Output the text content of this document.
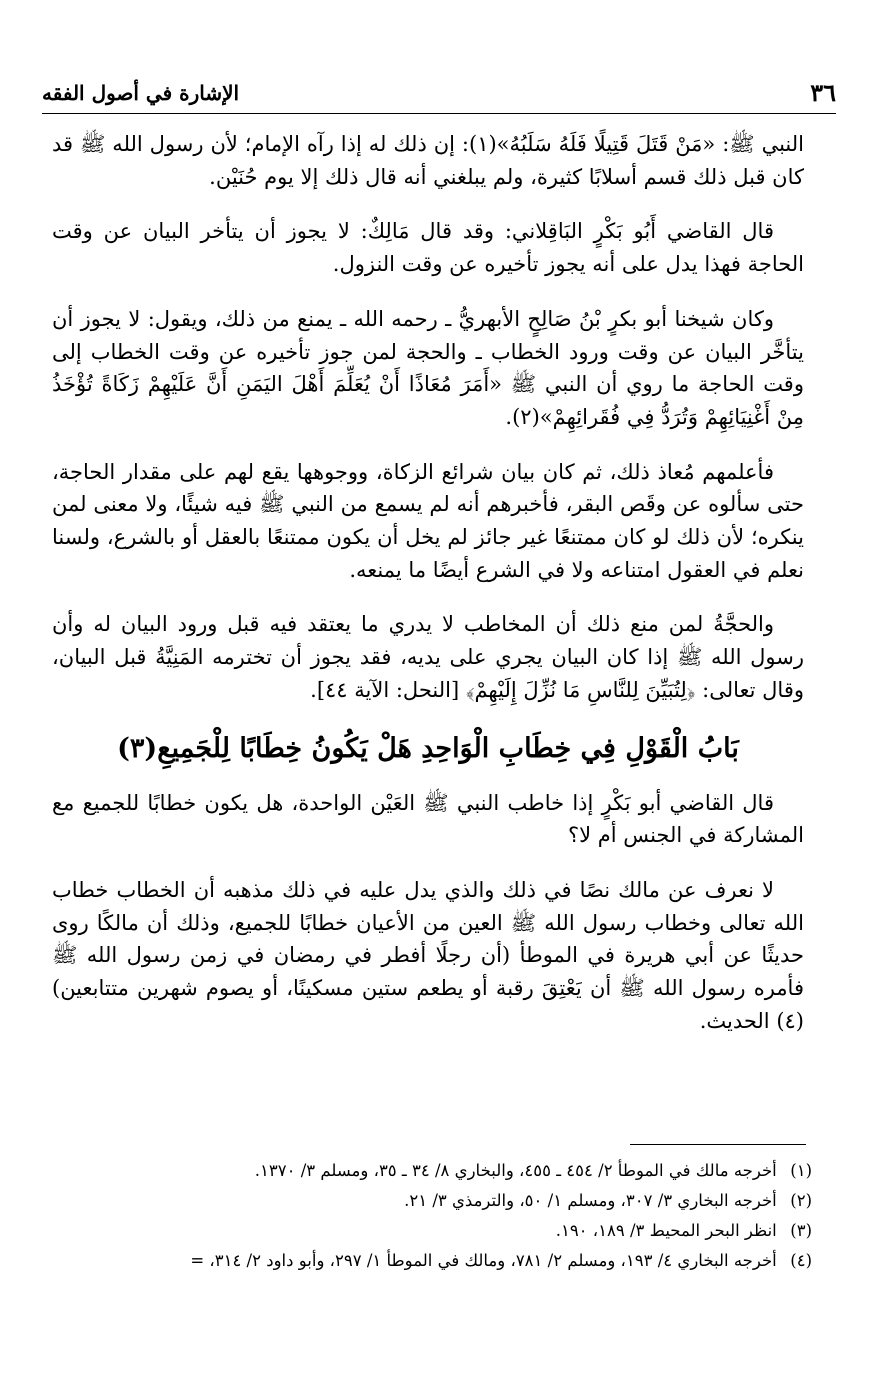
٣٦
الإشارة في أصول الفقه

النبي ﷺ: «مَنْ قَتَلَ قَتِيلًا فَلَهُ سَلَبُهُ»(١): إن ذلك له إذا رآه الإمام؛ لأن رسول الله ﷺ قد كان قبل ذلك قسم أسلابًا كثيرة، ولم يبلغني أنه قال ذلك إلا يوم حُنَيْن.

قال القاضي أَبُو بَكْرٍ البَاقِلاني: وقد قال مَالِكٌ: لا يجوز أن يتأخر البيان عن وقت الحاجة فهذا يدل على أنه يجوز تأخيره عن وقت النزول.

وكان شيخنا أبو بكرٍ بْنُ صَالِحٍ الأبهريُّ ـ رحمه الله ـ يمنع من ذلك، ويقول: لا يجوز أن يتأخَّر البيان عن وقت ورود الخطاب ـ والحجة لمن جوز تأخيره عن وقت الخطاب إلى وقت الحاجة ما روي أن النبي ﷺ «أَمَرَ مُعَاذًا أَنْ يُعَلِّمَ أَهْلَ اليَمَنِ أَنَّ عَلَيْهِمْ زَكَاةً تُؤْخَذُ مِنْ أَغْنِيَائِهِمْ وَتُرَدُّ فِي فُقَرائِهِمْ»(٢).

فأعلمهم مُعاذ ذلك، ثم كان بيان شرائع الزكاة، ووجوهها يقع لهم على مقدار الحاجة، حتى سألوه عن وقَص البقر، فأخبرهم أنه لم يسمع من النبي ﷺ فيه شيئًا، ولا معنى لمن ينكره؛ لأن ذلك لو كان ممتنعًا غير جائز لم يخل أن يكون ممتنعًا بالعقل أو بالشرع، ولسنا نعلم في العقول امتناعه ولا في الشرع أيضًا ما يمنعه.

والحجَّةُ لمن منع ذلك أن المخاطب لا يدري ما يعتقد فيه قبل ورود البيان له وأن رسول الله ﷺ إذا كان البيان يجري على يديه، فقد يجوز أن تخترمه المَنِيَّةُ قبل البيان، وقال تعالى: ﴿لِتُبَيِّنَ لِلنَّاسِ مَا نُزِّلَ إِلَيْهِمْ﴾ [النحل: الآية ٤٤].

بَابُ الْقَوْلِ فِي خِطَابِ الْوَاحِدِ هَلْ يَكُونُ خِطَابًا لِلْجَمِيعِ(٣)

قال القاضي أبو بَكْرٍ إذا خاطب النبي ﷺ العَيْن الواحدة، هل يكون خطابًا للجميع مع المشاركة في الجنس أم لا؟

لا نعرف عن مالك نصًا في ذلك والذي يدل عليه في ذلك مذهبه أن الخطاب خطاب الله تعالى وخطاب رسول الله ﷺ العين من الأعيان خطابًا للجميع، وذلك أن مالكًا روى حديثًا عن أبي هريرة في الموطأ (أن رجلًا أفطر في رمضان في زمن رسول الله ﷺ فأمره رسول الله ﷺ أن يَعْتِقَ رقبة أو يطعم ستين مسكينًا، أو يصوم شهرين متتابعين)(٤) الحديث.

(١) أخرجه مالك في الموطأ ٢/ ٤٥٤ ـ ٤٥٥، والبخاري ٨/ ٣٤ ـ ٣٥، ومسلم ٣/ ١٣٧٠.
(٢) أخرجه البخاري ٣/ ٣٠٧، ومسلم ١/ ٥٠، والترمذي ٣/ ٢١.
(٣) انظر البحر المحيط ٣/ ١٨٩، ١٩٠.
(٤) أخرجه البخاري ٤/ ١٩٣، ومسلم ٢/ ٧٨١، ومالك في الموطأ ١/ ٢٩٧، وأبو داود ٢/ ٣١٤، =
